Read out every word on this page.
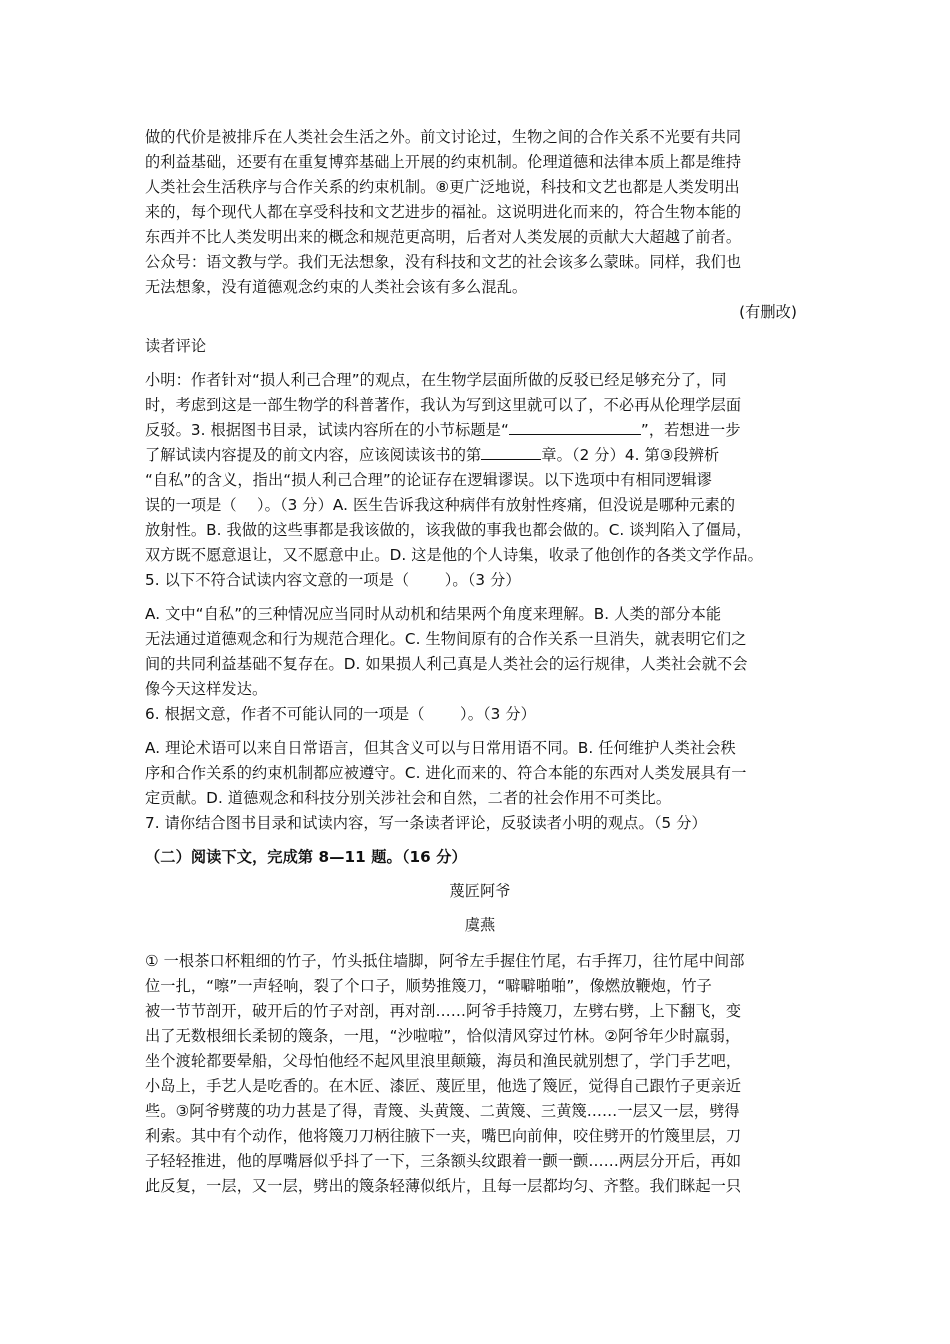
做的代价是被排斥在人类社会生活之外。前文讨论过，生物之间的合作关系不光要有共同
的利益基础，还要有在重复博弈基础上开展的约束机制。伦理道德和法律本质上都是维持
人类社会生活秩序与合作关系的约束机制。⑧更广泛地说，科技和文艺也都是人类发明出
来的，每个现代人都在享受科技和文艺进步的福祉。这说明进化而来的，符合生物本能的
东西并不比人类发明出来的概念和规范更高明，后者对人类发展的贡献大大超越了前者。
公众号：语文教与学。我们无法想象，没有科技和文艺的社会该多么蒙昧。同样，我们也
无法想象，没有道德观念约束的人类社会该有多么混乱。
(有删改)
读者评论
小明：作者针对“损人利己合理”的观点，在生物学层面所做的反驳已经足够充分了，同
时，考虑到这是一部生物学的科普著作，我认为写到这里就可以了，不必再从伦理学层面
反驳。3. 根据图书目录，试读内容所在的小节标题是“	”，若想进一步
了解试读内容提及的前文内容，应该阅读该书的第	章。（2 分）4. 第③段辨析
“自私”的含义，指出“损人利己合理”的论证存在逻辑谬误。以下选项中有相同逻辑谬
误的一项是（　 ）。（3 分）A. 医生告诉我这种病伴有放射性疼痛，但没说是哪种元素的
放射性。B. 我做的这些事都是我该做的，该我做的事我也都会做的。C. 谈判陷入了僵局，
双方既不愿意退让，又不愿意中止。D. 这是他的个人诗集，收录了他创作的各类文学作品。
5. 以下不符合试读内容文意的一项是（　　 ）。（3 分）
A. 文中“自私”的三种情况应当同时从动机和结果两个角度来理解。B. 人类的部分本能
无法通过道德观念和行为规范合理化。C. 生物间原有的合作关系一旦消失，就表明它们之
间的共同利益基础不复存在。D. 如果损人利己真是人类社会的运行规律，人类社会就不会
像今天这样发达。
6. 根据文意，作者不可能认同的一项是（　　 ）。（3 分）
A. 理论术语可以来自日常语言，但其含义可以与日常用语不同。B. 任何维护人类社会秩
序和合作关系的约束机制都应被遵守。C. 进化而来的、符合本能的东西对人类发展具有一
定贡献。D. 道德观念和科技分别关涉社会和自然，二者的社会作用不可类比。
7. 请你结合图书目录和试读内容，写一条读者评论，反驳读者小明的观点。（5 分）
（二）阅读下文，完成第 8—11 题。（16 分）
蔑匠阿爷
虞燕
① 一根茶口杯粗细的竹子，竹头抵住墙脚，阿爷左手握住竹尾，右手挥刀，往竹尾中间部
位一扎，“嚓”一声轻响，裂了个口子，顺势推篾刀，“噼噼啪啪”，像燃放鞭炮，竹子
被一节节剖开，破开后的竹子对剖，再对剖……阿爷手持篾刀，左劈右劈，上下翻飞，变
出了无数根细长柔韧的篾条，一甩，“沙啦啦”，恰似清风穿过竹林。②阿爷年少时羸弱，
坐个渡轮都要晕船，父母怕他经不起风里浪里颠簸，海员和渔民就别想了，学门手艺吧，
小岛上，手艺人是吃香的。在木匠、漆匠、蔑匠里，他选了篾匠，觉得自己跟竹子更亲近
些。③阿爷劈蔑的功力甚是了得，青篾、头黄篾、二黄篾、三黄篾……一层又一层，劈得
利索。其中有个动作，他将篾刀刀柄往腋下一夹，嘴巴向前伸，咬住劈开的竹篾里层，刀
子轻轻推进，他的厚嘴唇似乎抖了一下，三条额头纹跟着一颤一颤……两层分开后，再如
此反复，一层，又一层，劈出的篾条轻薄似纸片，且每一层都均匀、齐整。我们眯起一只
